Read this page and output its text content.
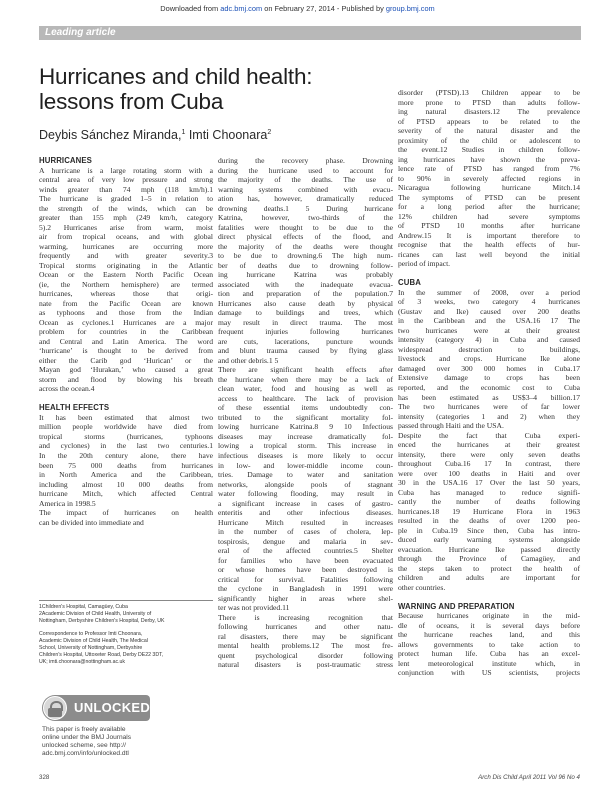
Downloaded from adc.bmj.com on February 27, 2014 - Published by group.bmj.com
Leading article
Hurricanes and child health:
lessons from Cuba
Deybis Sánchez Miranda,$^1$ Imti Choonara$^2$
HURRICANES
A hurricane is a large rotating storm with a
central area of very low pressure and strong
winds greater than 74 mph (118 km/h).1
The hurricane is graded 1–5 in relation to
the strength of the winds, which can be
greater than 155 mph (249 km/h, category
5).2 Hurricanes arise from warm, moist
air from tropical oceans, and with global
warming, hurricanes are occurring more
frequently and with greater severity.3
Tropical storms originating in the Atlantic
Ocean or the Eastern North Pacific Ocean
(ie, the Northern hemisphere) are termed
hurricanes, whereas those that origi-
nate from the Pacific Ocean are known
as typhoons and those from the Indian
Ocean as cyclones.1 Hurricanes are a major
problem for countries in the Caribbean
and Central and Latin America. The word
‘hurricane’ is thought to be derived from
either the Carib god ‘Hurican’ or the
Mayan god ‘Hurakan,’ who caused a great
storm and flood by blowing his breath
across the ocean.4
HEALTH EFFECTS
It has been estimated that almost two
million people worldwide have died from
tropical storms (hurricanes, typhoons
and cyclones) in the last two centuries.1
In the 20th century alone, there have
been 75 000 deaths from hurricanes
in North America and the Caribbean,
including almost 10 000 deaths from
hurricane Mitch, which affected Central
America in 1998.5
The impact of hurricanes on health
can be divided into immediate and
during the recovery phase. Drowning
during the hurricane used to account for
the majority of the deaths. The use of
warning systems combined with evacu-
ation has, however, dramatically reduced
drowning deaths.1 5 During hurricane
Katrina, however, two-thirds of the
fatalities were thought to be due to the
direct physical effects of the flood, and
the majority of the deaths were thought
to be due to drowning.6 The high num-
ber of deaths due to drowning follow-
ing hurricane Katrina was probably
associated with the inadequate evacua-
tion and preparation of the population.7
Hurricanes also cause death by physical
damage to buildings and trees, which
may result in direct trauma. The most
frequent injuries following hurricanes
are cuts, lacerations, puncture wounds
and blunt trauma caused by flying glass
and other debris.1 5
There are significant health effects after
the hurricane when there may be a lack of
clean water, food and housing as well as
access to healthcare. The lack of provision
of these essential items undoubtedly con-
tributed to the significant mortality fol-
lowing hurricane Katrina.8 9 10 Infectious
diseases may increase dramatically fol-
lowing a tropical storm. This increase in
infectious diseases is more likely to occur
in low- and lower-middle income coun-
tries. Damage to water and sanitation
networks, alongside pools of stagnant
water following flooding, may result in
a significant increase in cases of gastro-
enteritis and other infectious diseases.
Hurricane Mitch resulted in increases
in the number of cases of cholera, lep-
tospirosis, dengue and malaria in sev-
eral of the affected countries.5 Shelter
for families who have been evacuated
or whose homes have been destroyed is
critical for survival. Fatalities following
the cyclone in Bangladesh in 1991 were
significantly higher in areas where shel-
ter was not provided.11
There is increasing recognition that
following hurricanes and other natu-
ral disasters, there may be significant
mental health problems.12 The most fre-
quent psychological disorder following
natural disasters is post-traumatic stress
disorder (PTSD).13 Children appear to be
more prone to PTSD than adults follow-
ing natural disasters.12 The prevalence
of PTSD appears to be related to the
severity of the natural disaster and the
proximity of the child or adolescent to
the event.12 Studies in children follow-
ing hurricanes have shown the preva-
lence rate of PTSD has ranged from 7%
to 90% in severely affected regions in
Nicaragua following hurricane Mitch.14
The symptoms of PTSD can be present
for a long period after the hurricane;
12% children had severe symptoms
of PTSD 10 months after hurricane
Andrew.15 It is important therefore to
recognise that the health effects of hur-
ricanes can last well beyond the initial
period of impact.
CUBA
In the summer of 2008, over a period
of 3 weeks, two category 4 hurricanes
(Gustav and Ike) caused over 200 deaths
in the Caribbean and the USA.16 17 The
two hurricanes were at their greatest
intensity (category 4) in Cuba and caused
widespread destruction to buildings,
livestock and crops. Hurricane Ike alone
damaged over 300 000 homes in Cuba.17
Extensive damage to crops has been
reported, and the economic cost to Cuba
has been estimated as US$3–4 billion.17
The two hurricanes were of far lower
intensity (categories 1 and 2) when they
passed through Haiti and the USA.
Despite the fact that Cuba experi-
enced the hurricanes at their greatest
intensity, there were only seven deaths
throughout Cuba.16 17 In contrast, there
were over 100 deaths in Haiti and over
30 in the USA.16 17 Over the last 50 years,
Cuba has managed to reduce signifi-
cantly the number of deaths following
hurricanes.18 19 Hurricane Flora in 1963
resulted in the deaths of over 1200 peo-
ple in Cuba.19 Since then, Cuba has intro-
duced early warning systems alongside
evacuation. Hurricane Ike passed directly
through the Province of Camagüey, and
the steps taken to protect the health of
children and adults are important for
other countries.
WARNING AND PREPARATION
Because hurricanes originate in the mid-
dle of oceans, it is several days before
the hurricane reaches land, and this
allows governments to take action to
protect human life. Cuba has an excel-
lent meteorological institute which, in
conjunction with US scientists, projects
1Children's Hospital, Camagüey, Cuba
2Academic Division of Child Health, University of
Nottingham, Derbyshire Children's Hospital, Derby, UK
Correspondence to Professor Imti Choonara,
Academic Division of Child Health, The Medical
School, University of Nottingham, Derbyshire
Children's Hospital, Uttoxeter Road, Derby DE22 3DT,
UK; imti.choonara@nottingham.ac.uk
UNLOCKED
This paper is freely available
online under the BMJ Journals
unlocked scheme, see http://
adc.bmj.com/info/unlocked.dtl
328	Arch Dis Child April 2011 Vol 96 No 4
